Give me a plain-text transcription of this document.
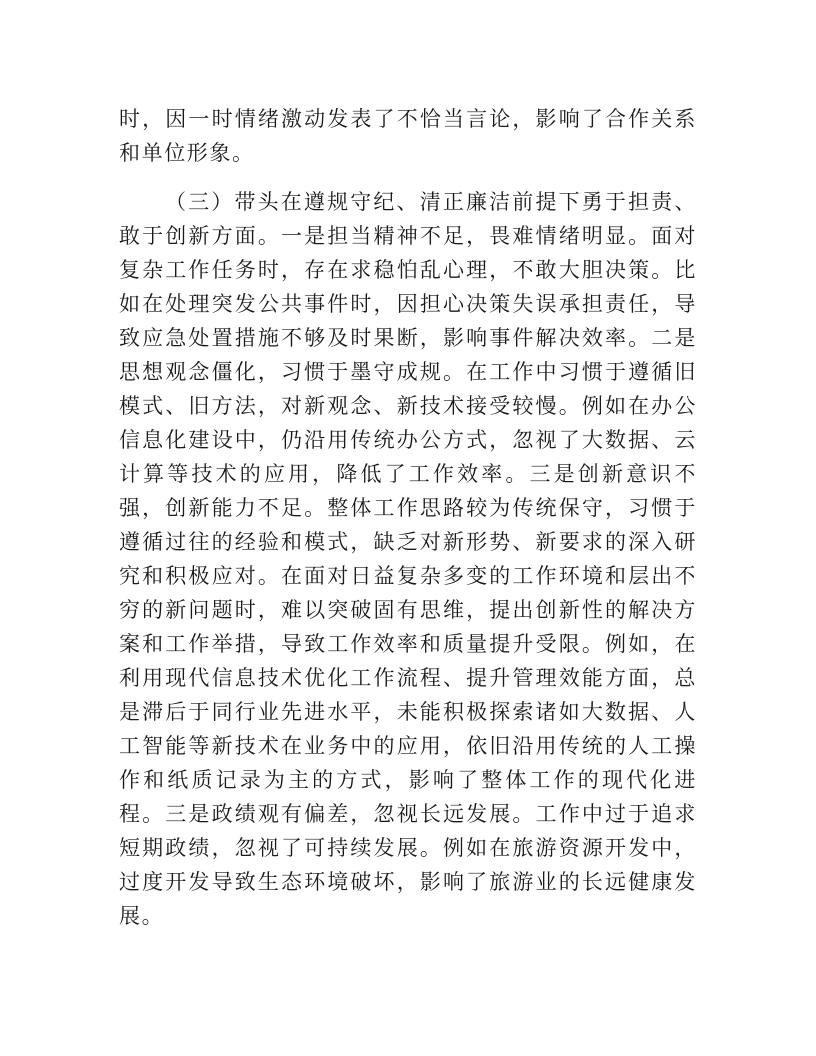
时，因一时情绪激动发表了不恰当言论，影响了合作关系和单位形象。

（三）带头在遵规守纪、清正廉洁前提下勇于担责、敢于创新方面。一是担当精神不足，畏难情绪明显。面对复杂工作任务时，存在求稳怕乱心理，不敢大胆决策。比如在处理突发公共事件时，因担心决策失误承担责任，导致应急处置措施不够及时果断，影响事件解决效率。二是思想观念僵化，习惯于墨守成规。在工作中习惯于遵循旧模式、旧方法，对新观念、新技术接受较慢。例如在办公信息化建设中，仍沿用传统办公方式，忽视了大数据、云计算等技术的应用，降低了工作效率。三是创新意识不强，创新能力不足。整体工作思路较为传统保守，习惯于遵循过往的经验和模式，缺乏对新形势、新要求的深入研究和积极应对。在面对日益复杂多变的工作环境和层出不穷的新问题时，难以突破固有思维，提出创新性的解决方案和工作举措，导致工作效率和质量提升受限。例如，在利用现代信息技术优化工作流程、提升管理效能方面，总是滞后于同行业先进水平，未能积极探索诸如大数据、人工智能等新技术在业务中的应用，依旧沿用传统的人工操作和纸质记录为主的方式，影响了整体工作的现代化进程。三是政绩观有偏差，忽视长远发展。工作中过于追求短期政绩，忽视了可持续发展。例如在旅游资源开发中，过度开发导致生态环境破坏，影响了旅游业的长远健康发展。
